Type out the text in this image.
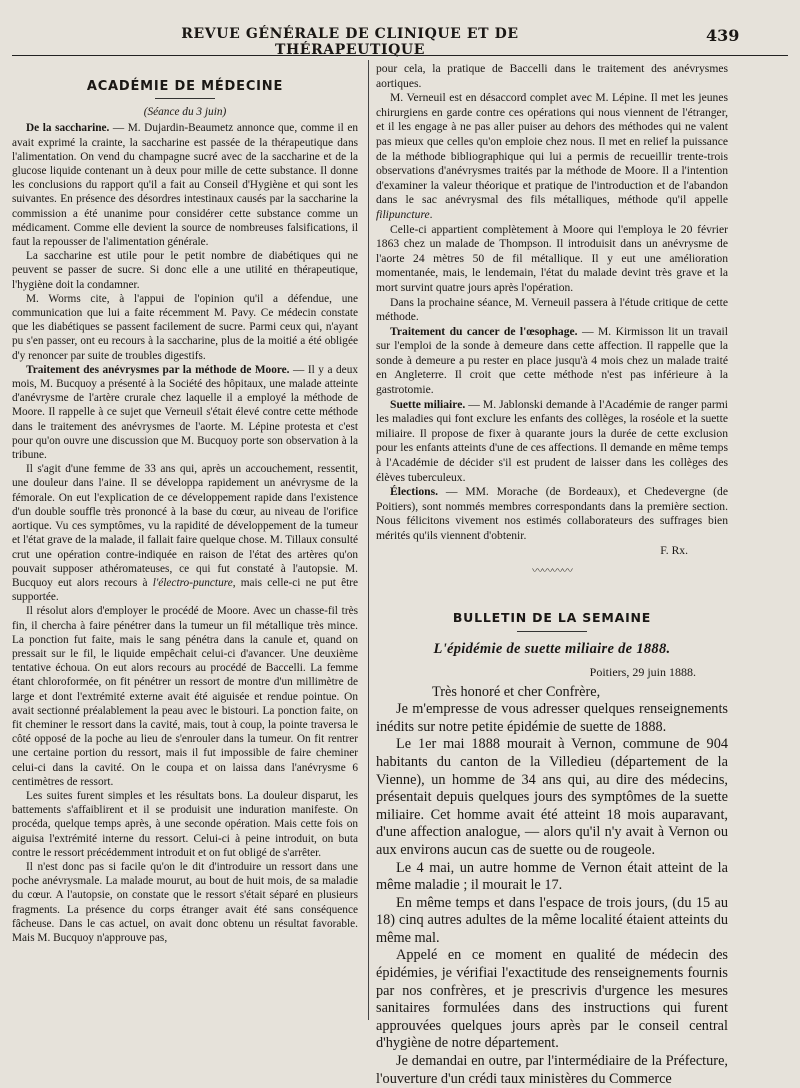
REVUE GÉNÉRALE DE CLINIQUE ET DE THÉRAPEUTIQUE
439
ACADÉMIE DE MÉDECINE
(Séance du 3 juin)

De la saccharine. — M. Dujardin-Beaumetz annonce que, comme il en avait exprimé la crainte, la saccharine est passée de la thérapeutique dans l'alimentation. On vend du champagne sucré avec de la saccharine et de la glucose liquide contenant un à deux pour mille de cette substance. Il donne les conclusions du rapport qu'il a fait au Conseil d'Hygiène et qui sont les suivantes. En présence des désordres intestinaux causés par la saccharine la commission a été unanime pour considérer cette substance comme un médicament. Comme elle devient la source de nombreuses falsifications, il faut la repousser de l'alimentation générale.

La saccharine est utile pour le petit nombre de diabétiques qui ne peuvent se passer de sucre. Si donc elle a une utilité en thérapeutique, l'hygiène doit la condamner.

M. Worms cite, à l'appui de l'opinion qu'il a défendue, une communication que lui a faite récemment M. Pavy. Ce médecin constate que les diabétiques se passent facilement de sucre. Parmi ceux qui, n'ayant pu s'en passer, ont eu recours à la saccharine, plus de la moitié a été obligée d'y renoncer par suite de troubles digestifs.

Traitement des anévrysmes par la méthode de Moore. — Il y a deux mois, M. Bucquoy a présenté à la Société des hôpitaux, une malade atteinte d'anévrysme de l'artère crurale chez laquelle il a employé la méthode de Moore. Il rappelle à ce sujet que Verneuil s'était élevé contre cette méthode dans le traitement des anévrysmes de l'aorte. M. Lépine protesta et c'est pour qu'on ouvre une discussion que M. Bucquoy porte son observation à la tribune.

Il s'agit d'une femme de 33 ans qui, après un accouchement, ressentit, une douleur dans l'aine. Il se développa rapidement un anévrysme de la fémorale. On eut l'explication de ce développement rapide dans l'existence d'un double souffle très prononcé à la base du cœur, au niveau de l'orifice aortique. Vu ces symptômes, vu la rapidité de développement de la tumeur et l'état grave de la malade, il fallait faire quelque chose. M. Tillaux consulté crut une opération contre-indiquée en raison de l'état des artères qu'on pouvait supposer athéromateuses, ce qui fut constaté à l'autopsie. M. Bucquoy eut alors recours à l'électro-puncture, mais celle-ci ne put être supportée.

Il résolut alors d'employer le procédé de Moore. Avec un chasse-fil très fin, il chercha à faire pénétrer dans la tumeur un fil métallique très mince. La ponction fut faite, mais le sang pénétra dans la canule et, quand on pressait sur le fil, le liquide empêchait celui-ci d'avancer. Une deuxième tentative échoua. On eut alors recours au procédé de Baccelli. La femme étant chloroformée, on fit pénétrer un ressort de montre d'un millimètre de large et dont l'extrémité externe avait été aiguisée et rendue pointue. On avait sectionné préalablement la peau avec le bistouri. La ponction faite, on fit cheminer le ressort dans la cavité, mais, tout à coup, la pointe traversa le côté opposé de la poche au lieu de s'enrouler dans la tumeur. On fit rentrer une certaine portion du ressort, mais il fut impossible de faire cheminer celui-ci dans la cavité. On le coupa et on laissa dans l'anévrysme 6 centimètres de ressort.

Les suites furent simples et les résultats bons. La douleur disparut, les battements s'affaiblirent et il se produisit une induration manifeste. On procéda, quelque temps après, à une seconde opération. Mais cette fois on aiguisa l'extrémité interne du ressort. Celui-ci à peine introduit, on buta contre le ressort précédemment introduit et on fut obligé de s'arrêter.

Il n'est donc pas si facile qu'on le dit d'introduire un ressort dans une poche anévrysmale. La malade mourut, au bout de huit mois, de sa maladie du cœur. A l'autopsie, on constate que le ressort s'était séparé en plusieurs fragments. La présence du corps étranger avait été sans conséquence fâcheuse. Dans le cas actuel, on avait donc obtenu un résultat favorable. Mais M. Bucquoy n'approuve pas,

pour cela, la pratique de Baccelli dans le traitement des anévrysmes aortiques.

M. Verneuil est en désaccord complet avec M. Lépine. Il met les jeunes chirurgiens en garde contre ces opérations qui nous viennent de l'étranger, et il les engage à ne pas aller puiser au dehors des méthodes qui ne valent pas mieux que celles qu'on emploie chez nous. Il met en relief la puissance de la méthode bibliographique qui lui a permis de recueillir trente-trois observations d'anévrysmes traités par la méthode de Moore. Il a l'intention d'examiner la valeur théorique et pratique de l'introduction et de l'abandon dans le sac anévrysmal des fils métalliques, méthode qu'il appelle filipuncture.

Celle-ci appartient complètement à Moore qui l'employa le 20 février 1863 chez un malade de Thompson. Il introduisit dans un anévrysme de l'aorte 24 mètres 50 de fil métallique. Il y eut une amélioration momentanée, mais, le lendemain, l'état du malade devint très grave et la mort survint quatre jours après l'opération.

Dans la prochaine séance, M. Verneuil passera à l'étude critique de cette méthode.

Traitement du cancer de l'œsophage. — M. Kirmisson lit un travail sur l'emploi de la sonde à demeure dans cette affection. Il rappelle que la sonde à demeure a pu rester en place jusqu'à 4 mois chez un malade traité en Angleterre. Il croit que cette méthode n'est pas inférieure à la gastrotomie.

Suette miliaire. — M. Jablonski demande à l'Académie de ranger parmi les maladies qui font exclure les enfants des collèges, la roséole et la suette miliaire. Il propose de fixer à quarante jours la durée de cette exclusion pour les enfants atteints d'une de ces affections. Il demande en même temps à l'Académie de décider s'il est prudent de laisser dans les collèges des élèves tuberculeux.

Élections. — MM. Morache (de Bordeaux), et Chedevergne (de Poitiers), sont nommés membres correspondants dans la première section. Nous félicitons vivement nos estimés collaborateurs des suffrages bien mérités qu'ils viennent d'obtenir.

F. Rx.
〰〰〰〰
BULLETIN DE LA SEMAINE
L'épidémie de suette miliaire de 1888.
Poitiers, 29 juin 1888.

Très honoré et cher Confrère,

Je m'empresse de vous adresser quelques renseignements inédits sur notre petite épidémie de suette de 1888.

Le 1er mai 1888 mourait à Vernon, commune de 904 habitants du canton de la Villedieu (département de la Vienne), un homme de 34 ans qui, au dire des médecins, présentait depuis quelques jours des symptômes de la suette miliaire. Cet homme avait été atteint 18 mois auparavant, d'une affection analogue, — alors qu'il n'y avait à Vernon ou aux environs aucun cas de suette ou de rougeole.

Le 4 mai, un autre homme de Vernon était atteint de la même maladie ; il mourait le 17.

En même temps et dans l'espace de trois jours, (du 15 au 18) cinq autres adultes de la même localité étaient atteints du même mal.

Appelé en ce moment en qualité de médecin des épidémies, je vérifiai l'exactitude des renseignements fournis par nos confrères, et je prescrivis d'urgence les mesures sanitaires formulées dans des instructions qui furent approuvées quelques jours après par le conseil central d'hygiène de notre département.

Je demandai en outre, par l'intermédiaire de la Préfecture, l'ouverture d'un crédi taux ministères du Commerce
